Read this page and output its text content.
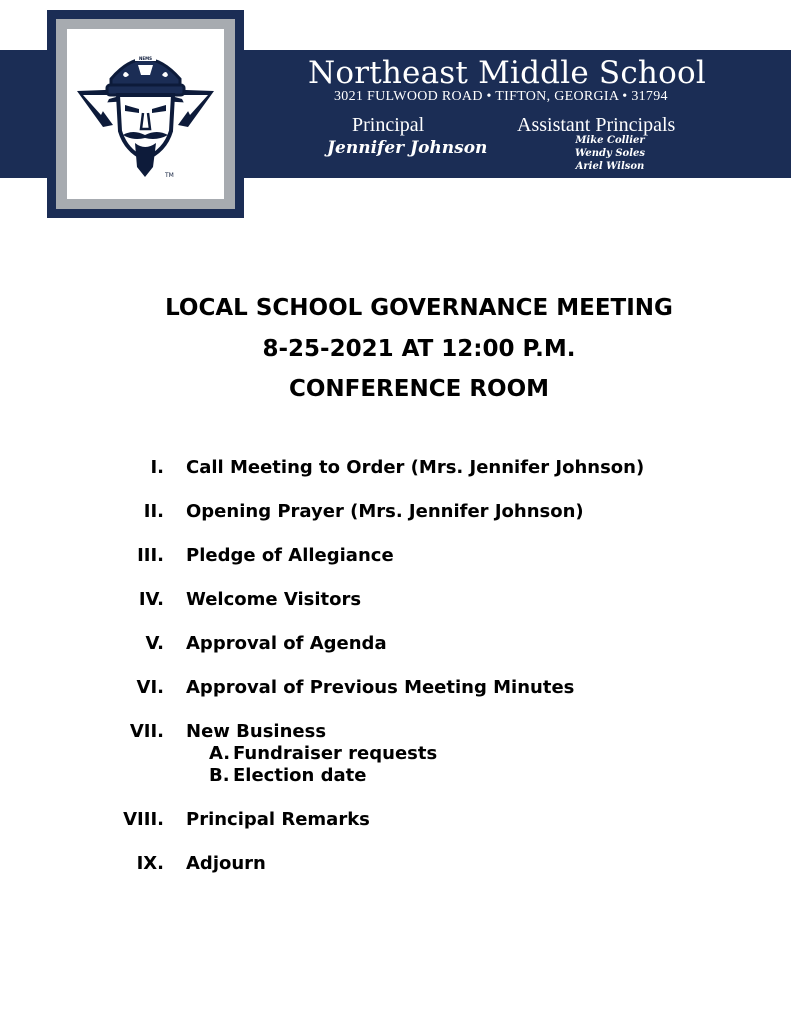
NEMS
TM
Northeast Middle School
3021 FULWOOD ROAD • TIFTON, GEORGIA • 31794
Principal
Jennifer Johnson
Assistant Principals
Mike Collier
Wendy Soles
Ariel Wilson
LOCAL SCHOOL GOVERNANCE MEETING
8-25-2021 AT 12:00 P.M.
CONFERENCE ROOM
I. Call Meeting to Order (Mrs. Jennifer Johnson)
II. Opening Prayer (Mrs. Jennifer Johnson)
III. Pledge of Allegiance
IV. Welcome Visitors
V. Approval of Agenda
VI. Approval of Previous Meeting Minutes
VII. New Business
A. Fundraiser requests
B. Election date
VIII. Principal Remarks
IX. Adjourn
